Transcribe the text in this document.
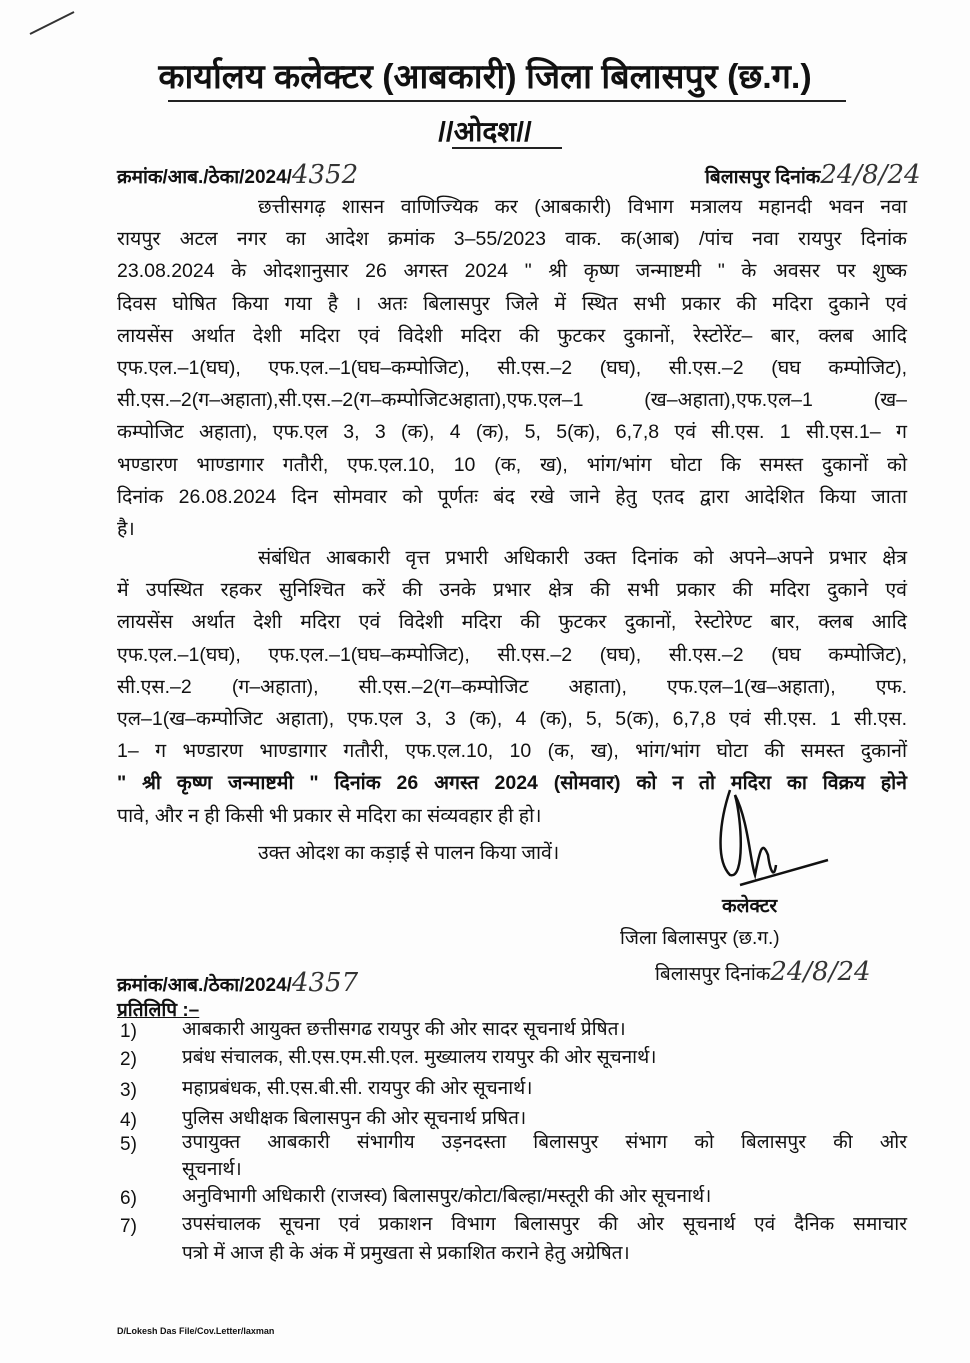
कार्यालय कलेक्टर (आबकारी) जिला बिलासपुर (छ.ग.)
//ओदश//
क्रमांक/आब./ठेका/2024/4352	बिलासपुर दिनांक24/8/24
छत्तीसगढ़ शासन वाणिज्यिक कर (आबकारी) विभाग मत्रालय महानदी भवन नवा
रायपुर अटल नगर का आदेश क्रमांक 3–55/2023 वाक. क(आब) /पांच नवा रायपुर दिनांक
23.08.2024 के ओदशानुसार 26 अगस्त 2024 " श्री कृष्ण जन्माष्टमी " के अवसर पर शुष्क
दिवस घोषित किया गया है । अतः बिलासपुर जिले में स्थित सभी प्रकार की मदिरा दुकाने एवं
लायसेंस अर्थात देशी मदिरा एवं विदेशी मदिरा की फुटकर दुकानों, रेस्टोरेंट– बार, क्लब आदि
एफ.एल.–1(घघ), एफ.एल.–1(घघ–कम्पोजिट), सी.एस.–2 (घघ), सी.एस.–2 (घघ कम्पोजिट),
सी.एस.–2(ग–अहाता),सी.एस.–2(ग–कम्पोजिटअहाता),एफ.एल–1 (ख–अहाता),एफ.एल–1 (ख–
कम्पोजिट अहाता), एफ.एल 3, 3 (क), 4 (क), 5, 5(क), 6,7,8 एवं सी.एस. 1 सी.एस.1– ग
भण्डारण भाण्डागार गतौरी, एफ.एल.10, 10 (क, ख), भांग/भांग घोटा कि समस्त दुकानों को
दिनांक 26.08.2024 दिन सोमवार को पूर्णतः बंद रखे जाने हेतु एतद द्वारा आदेशित किया जाता
है।
संबंधित आबकारी वृत्त प्रभारी अधिकारी उक्त दिनांक को अपने–अपने प्रभार क्षेत्र
में उपस्थित रहकर सुनिश्चित करें की उनके प्रभार क्षेत्र की सभी प्रकार की मदिरा दुकाने एवं
लायसेंस अर्थात देशी मदिरा एवं विदेशी मदिरा की फुटकर दुकानों, रेस्टोरेण्ट बार, क्लब आदि
एफ.एल.–1(घघ), एफ.एल.–1(घघ–कम्पोजिट), सी.एस.–2 (घघ), सी.एस.–2 (घघ कम्पोजिट),
सी.एस.–2 (ग–अहाता), सी.एस.–2(ग–कम्पोजिट अहाता), एफ.एल–1(ख–अहाता), एफ.
एल–1(ख–कम्पोजिट अहाता), एफ.एल 3, 3 (क), 4 (क), 5, 5(क), 6,7,8 एवं सी.एस. 1 सी.एस.
1– ग भण्डारण भाण्डागार गतौरी, एफ.एल.10, 10 (क, ख), भांग/भांग घोटा की समस्त दुकानों
" श्री कृष्ण जन्माष्टमी " दिनांक 26 अगस्त 2024 (सोमवार) को न तो मदिरा का विक्रय होने
पावे, और न ही किसी भी प्रकार से मदिरा का संव्यवहार ही हो।
उक्त ओदश का कड़ाई से पालन किया जावें।
कलेक्टर
जिला बिलासपुर (छ.ग.)
बिलासपुर दिनांक24/8/24
क्रमांक/आब./ठेका/2024/4357
प्रतिलिपि :–
1) आबकारी आयुक्त छत्तीसगढ रायपुर की ओर सादर सूचनार्थ प्रेषित।
2) प्रबंध संचालक, सी.एस.एम.सी.एल. मुख्यालय रायपुर की ओर सूचनार्थ।
3) महाप्रबंधक, सी.एस.बी.सी. रायपुर की ओर सूचनार्थ।
4) पुलिस अधीक्षक बिलासपुन की ओर सूचनार्थ प्रषित।
5) उपायुक्त आबकारी संभागीय उड़नदस्ता बिलासपुर संभाग को बिलासपुर की ओर
सूचनार्थ।
6) अनुविभागी अधिकारी (राजस्व) बिलासपुर/कोटा/बिल्हा/मस्तूरी की ओर सूचनार्थ।
7) उपसंचालक सूचना एवं प्रकाशन विभाग बिलासपुर की ओर सूचनार्थ एवं दैनिक समाचार
पत्रो में आज ही के अंक में प्रमुखता से प्रकाशित कराने हेतु अग्रेषित।
D/Lokesh Das File/Cov.Letter/laxman
